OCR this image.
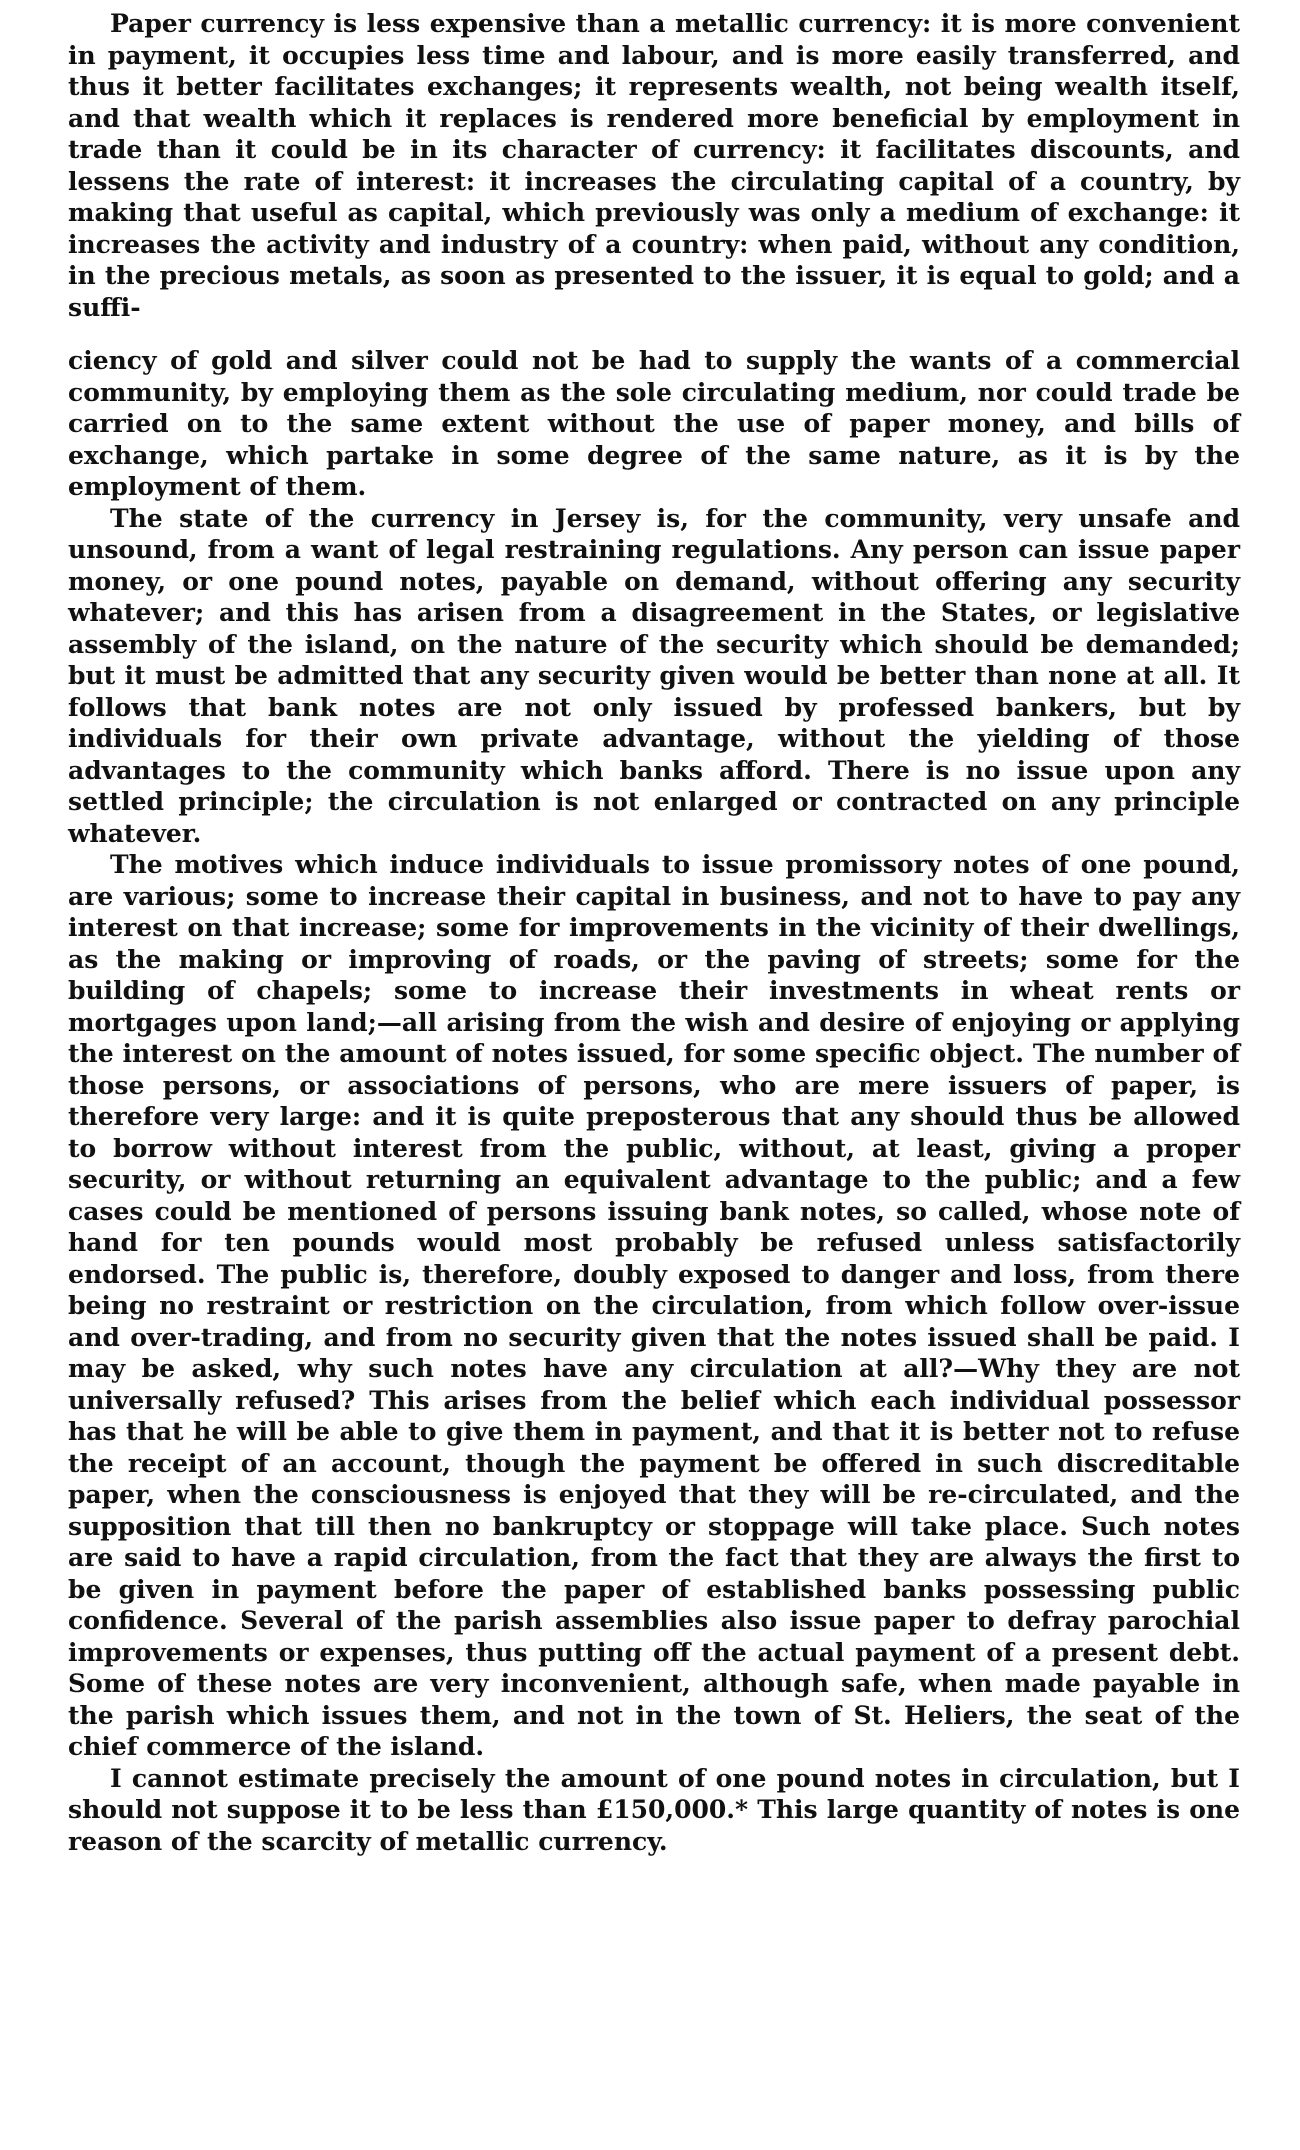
Paper currency is less expensive than a metallic currency: it is more convenient in payment, it occupies less time and labour, and is more easily transferred, and thus it better facilitates exchanges; it represents wealth, not being wealth itself, and that wealth which it replaces is rendered more beneficial by employment in trade than it could be in its character of currency: it facilitates discounts, and lessens the rate of interest: it increases the circulating capital of a country, by making that useful as capital, which previously was only a medium of exchange: it increases the activity and industry of a country: when paid, without any condition, in the precious metals, as soon as presented to the issuer, it is equal to gold; and a suffi-

ciency of gold and silver could not be had to supply the wants of a commercial community, by employing them as the sole circulating medium, nor could trade be carried on to the same extent without the use of paper money, and bills of exchange, which partake in some degree of the same nature, as it is by the employment of them.

The state of the currency in Jersey is, for the community, very unsafe and unsound, from a want of legal restraining regulations. Any person can issue paper money, or one pound notes, payable on demand, without offering any security whatever; and this has arisen from a disagreement in the States, or legislative assembly of the island, on the nature of the security which should be demanded; but it must be admitted that any security given would be better than none at all. It follows that bank notes are not only issued by professed bankers, but by individuals for their own private advantage, without the yielding of those advantages to the community which banks afford. There is no issue upon any settled principle; the circulation is not enlarged or contracted on any principle whatever.

The motives which induce individuals to issue promissory notes of one pound, are various; some to increase their capital in business, and not to have to pay any interest on that increase; some for improvements in the vicinity of their dwellings, as the making or improving of roads, or the paving of streets; some for the building of chapels; some to increase their investments in wheat rents or mortgages upon land;—all arising from the wish and desire of enjoying or applying the interest on the amount of notes issued, for some specific object. The number of those persons, or associations of persons, who are mere issuers of paper, is therefore very large: and it is quite preposterous that any should thus be allowed to borrow without interest from the public, without, at least, giving a proper security, or without returning an equivalent advantage to the public; and a few cases could be mentioned of persons issuing bank notes, so called, whose note of hand for ten pounds would most probably be refused unless satisfactorily endorsed. The public is, therefore, doubly exposed to danger and loss, from there being no restraint or restriction on the circulation, from which follow over-issue and over-trading, and from no security given that the notes issued shall be paid. I may be asked, why such notes have any circulation at all?—Why they are not universally refused? This arises from the belief which each individual possessor has that he will be able to give them in payment, and that it is better not to refuse the receipt of an account, though the payment be offered in such discreditable paper, when the consciousness is enjoyed that they will be re-circulated, and the supposition that till then no bankruptcy or stoppage will take place. Such notes are said to have a rapid circulation, from the fact that they are always the first to be given in payment before the paper of established banks possessing public confidence. Several of the parish assemblies also issue paper to defray parochial improvements or expenses, thus putting off the actual payment of a present debt. Some of these notes are very inconvenient, although safe, when made payable in the parish which issues them, and not in the town of St. Heliers, the seat of the chief commerce of the island.

I cannot estimate precisely the amount of one pound notes in circulation, but I should not suppose it to be less than £150,000.* This large quantity of notes is one reason of the scarcity of metallic currency.
